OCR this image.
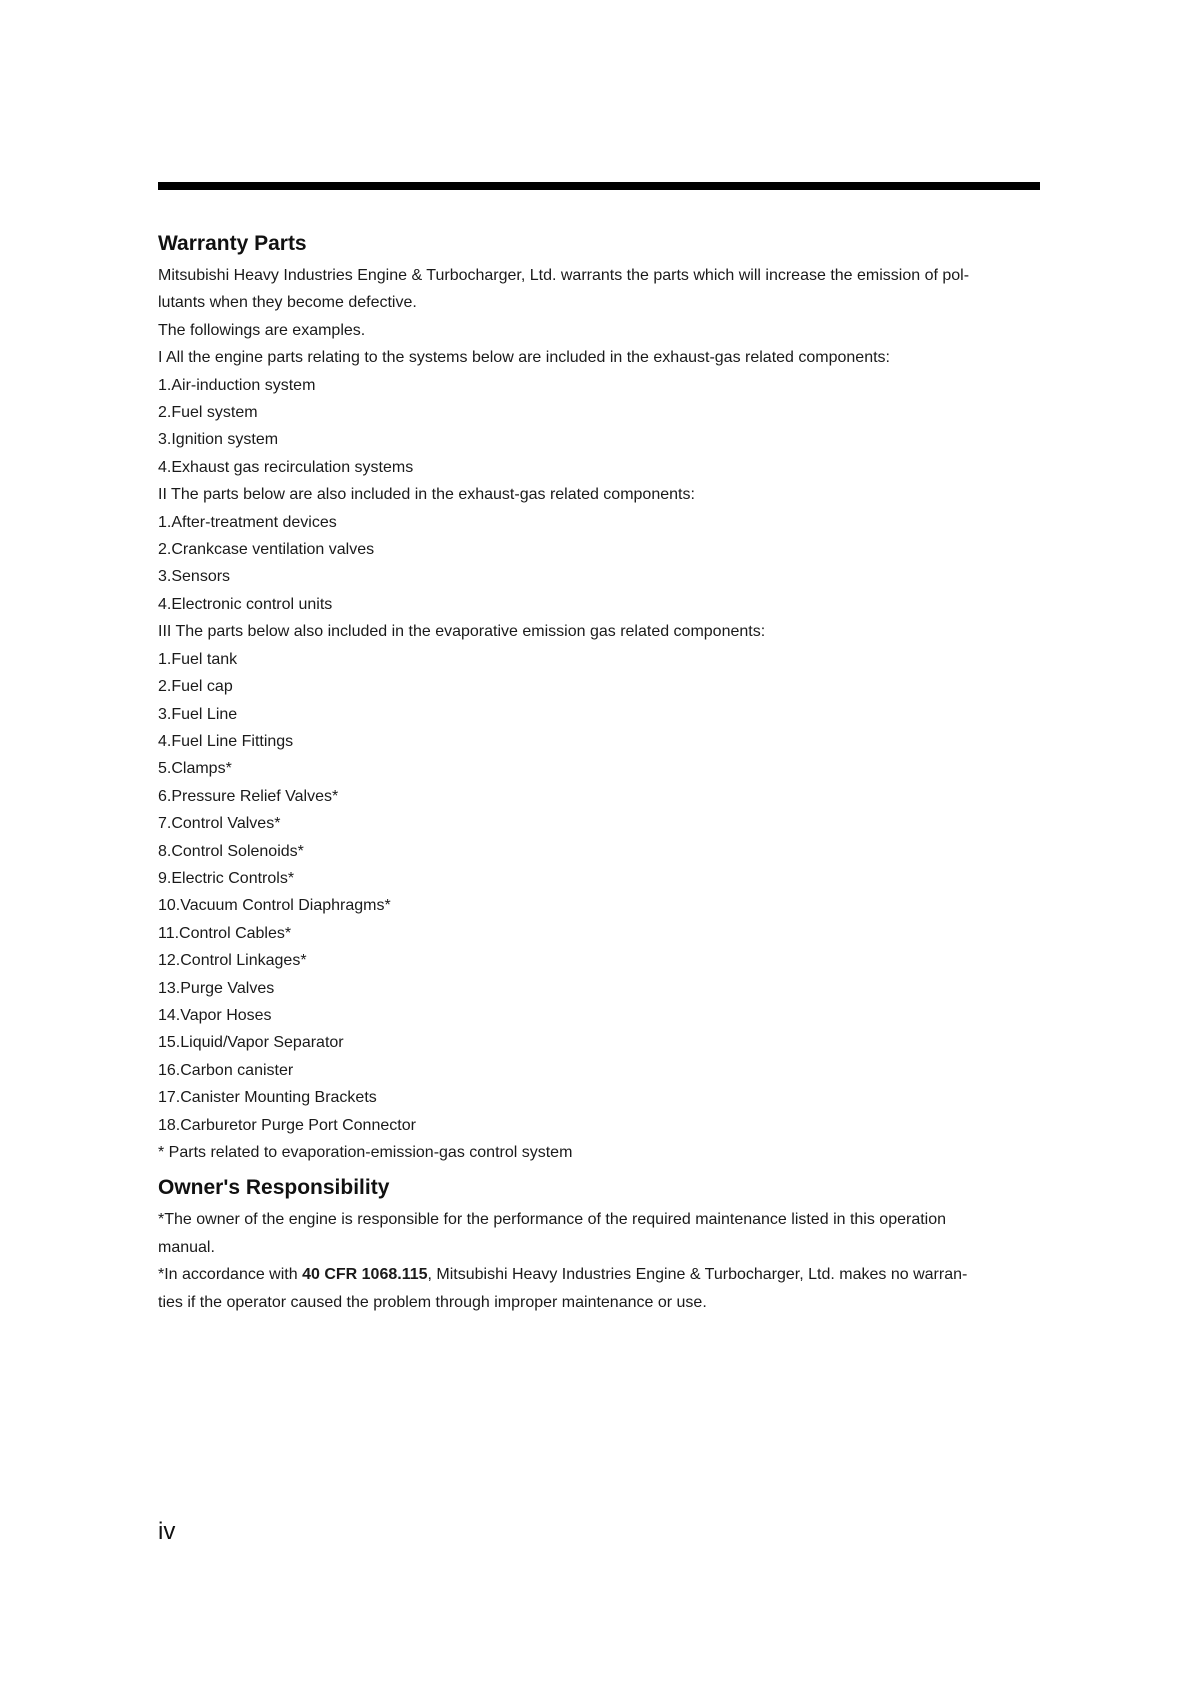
Warranty Parts

Mitsubishi Heavy Industries Engine & Turbocharger, Ltd. warrants the parts which will increase the emission of pol-

lutants when they become defective.

The followings are examples.

I All the engine parts relating to the systems below are included in the exhaust-gas related components:

1.Air-induction system
2.Fuel system
3.Ignition system
4.Exhaust gas recirculation systems

II The parts below are also included in the exhaust-gas related components:

1.After-treatment devices
2.Crankcase ventilation valves
3.Sensors
4.Electronic control units

III The parts below also included in the evaporative emission gas related components:

1.Fuel tank
2.Fuel cap
3.Fuel Line
4.Fuel Line Fittings
5.Clamps*
6.Pressure Relief Valves*
7.Control Valves*
8.Control Solenoids*
9.Electric Controls*
10.Vacuum Control Diaphragms*
11.Control Cables*
12.Control Linkages*
13.Purge Valves
14.Vapor Hoses
15.Liquid/Vapor Separator
16.Carbon canister
17.Canister Mounting Brackets
18.Carburetor Purge Port Connector

* Parts related to evaporation-emission-gas control system

Owner's Responsibility

*The owner of the engine is responsible for the performance of the required maintenance listed in this operation

manual.

*In accordance with 40 CFR 1068.115, Mitsubishi Heavy Industries Engine & Turbocharger, Ltd. makes no warran-

ties if the operator caused the problem through improper maintenance or use.

iv
